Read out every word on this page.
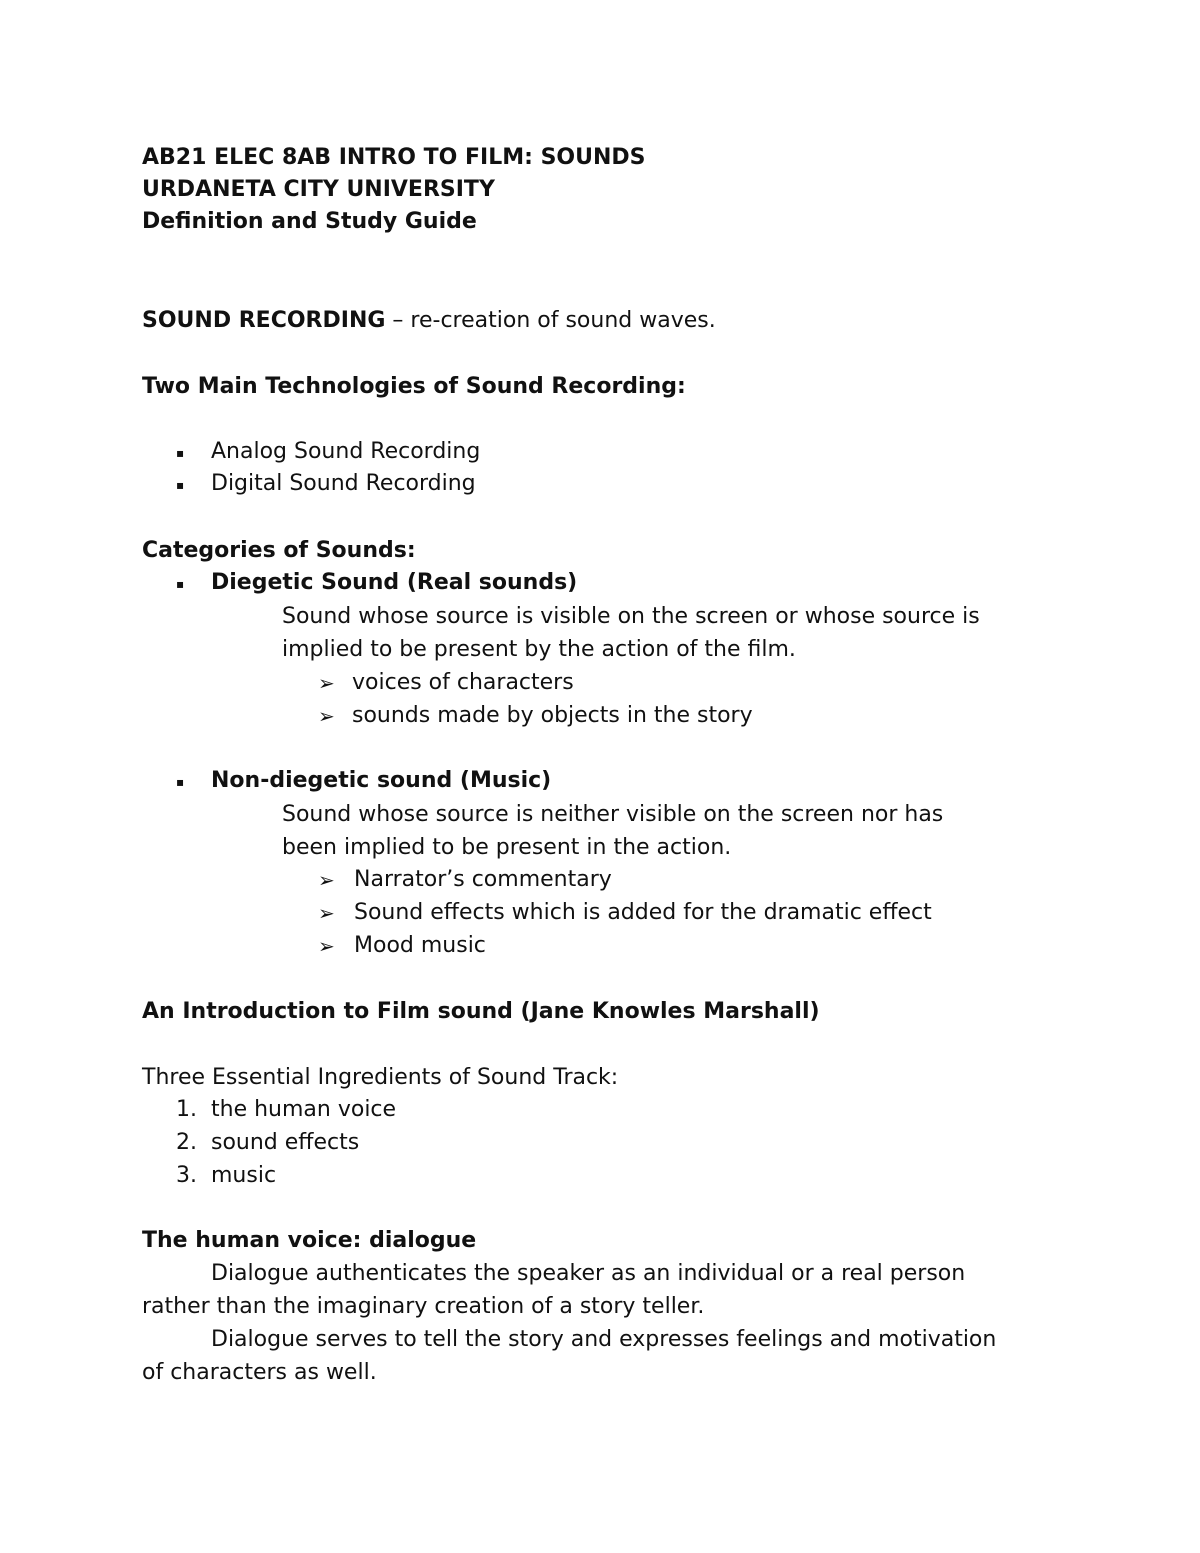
AB21 ELEC 8AB INTRO TO FILM: SOUNDS
URDANETA CITY UNIVERSITY
Definition and Study Guide
SOUND RECORDING – re-creation of sound waves.
Two Main Technologies of Sound Recording:
▪ Analog Sound Recording
▪ Digital Sound Recording
Categories of Sounds:
▪ Diegetic Sound (Real sounds)
Sound whose source is visible on the screen or whose source is
implied to be present by the action of the film.
➢ voices of characters
➢ sounds made by objects in the story
▪ Non-diegetic sound (Music)
Sound whose source is neither visible on the screen nor has
been implied to be present in the action.
➢ Narrator’s commentary
➢ Sound effects which is added for the dramatic effect
➢ Mood music
An Introduction to Film sound (Jane Knowles Marshall)
Three Essential Ingredients of Sound Track:
1. the human voice
2. sound effects
3. music
The human voice: dialogue
Dialogue authenticates the speaker as an individual or a real person
rather than the imaginary creation of a story teller.
Dialogue serves to tell the story and expresses feelings and motivation
of characters as well.
